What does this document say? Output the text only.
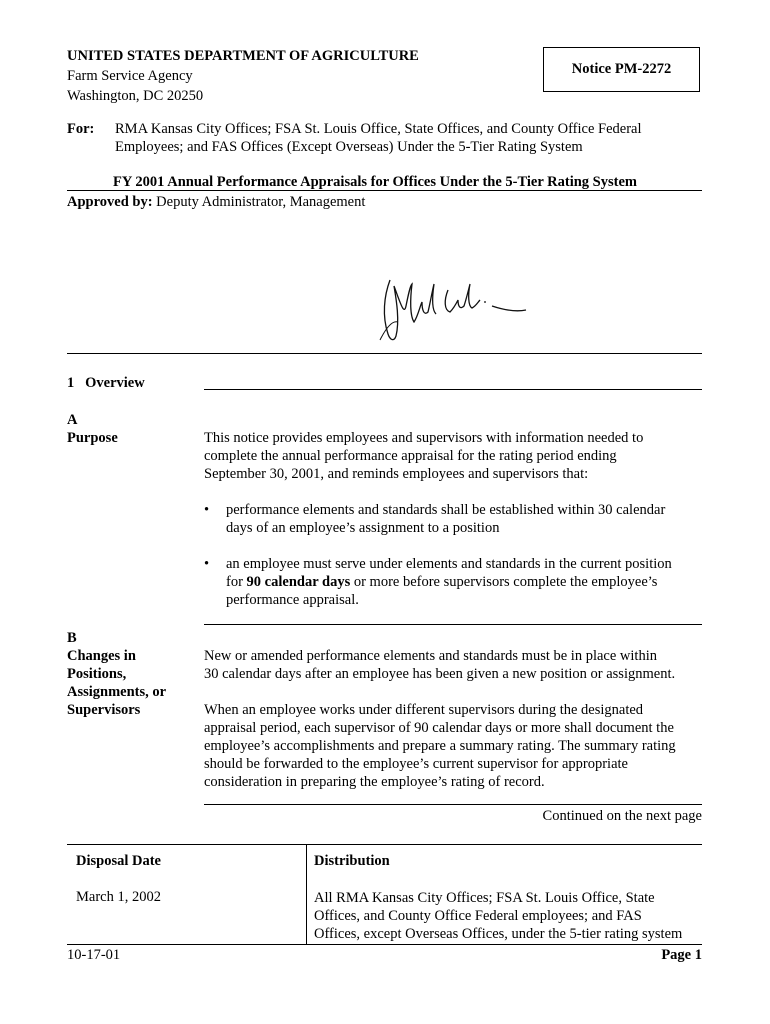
UNITED STATES DEPARTMENT OF AGRICULTURE
Farm Service Agency
Washington, DC 20250
Notice PM-2272
For: RMA Kansas City Offices; FSA St. Louis Office, State Offices, and County Office Federal
Employees; and FAS Offices (Except Overseas) Under the 5-Tier Rating System
FY 2001 Annual Performance Appraisals for Offices Under the 5-Tier Rating System
Approved by: Deputy Administrator, Management
1 Overview
A
Purpose	This notice provides employees and supervisors with information needed to
complete the annual performance appraisal for the rating period ending
September 30, 2001, and reminds employees and supervisors that:
• performance elements and standards shall be established within 30 calendar
days of an employee’s assignment to a position
• an employee must serve under elements and standards in the current position
for 90 calendar days or more before supervisors complete the employee’s
performance appraisal.
B
Changes in
Positions,
Assignments, or
Supervisors
New or amended performance elements and standards must be in place within
30 calendar days after an employee has been given a new position or assignment.
When an employee works under different supervisors during the designated
appraisal period, each supervisor of 90 calendar days or more shall document the
employee’s accomplishments and prepare a summary rating. The summary rating
should be forwarded to the employee’s current supervisor for appropriate
consideration in preparing the employee’s rating of record.
Continued on the next page
Disposal Date
March 1, 2002
Distribution
All RMA Kansas City Offices; FSA St. Louis Office, State
Offices, and County Office Federal employees; and FAS
Offices, except Overseas Offices, under the 5-tier rating system
10-17-01	Page 1
